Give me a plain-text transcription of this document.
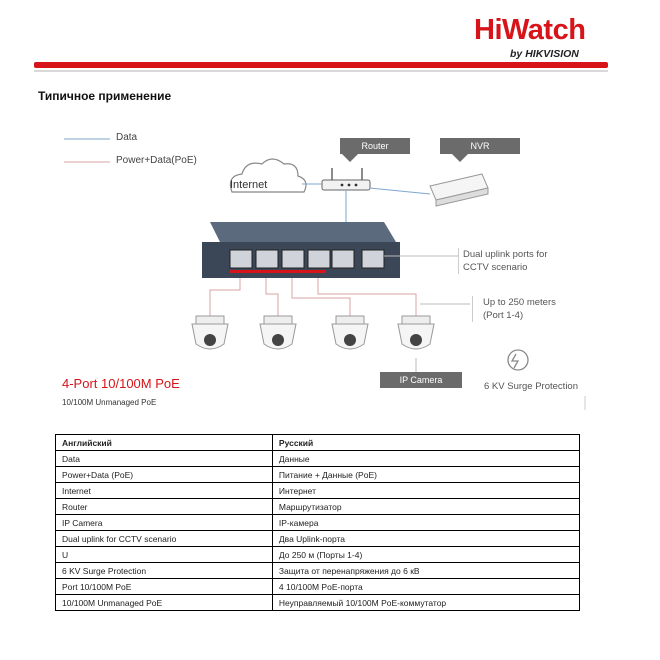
HiWatch
by HIKVISION
Типичное применение
Data
Power+Data(PoE)
Internet
Router	NVR
Dual uplink ports for
CCTV scenario
Up to 250 meters
(Port 1-4)
IP Camera
6 KV Surge Protection
4-Port 10/100M PoE
10/100M Unmanaged PoE
Английский	Русский
Data	Данные
Power+Data (PoE)	Питание + Данные (PoE)
Internet	Интернет
Router	Маршрутизатор
IP Camera	IP-камера
Dual uplink for CCTV scenario	Два Uplink-порта
U	До 250 м (Порты 1-4)
6 KV Surge Protection	Защита от перенапряжения до 6 кВ
Port 10/100M PoE	4 10/100M PoE-порта
10/100M Unmanaged PoE	Неуправляемый 10/100M PoE-коммутатор
